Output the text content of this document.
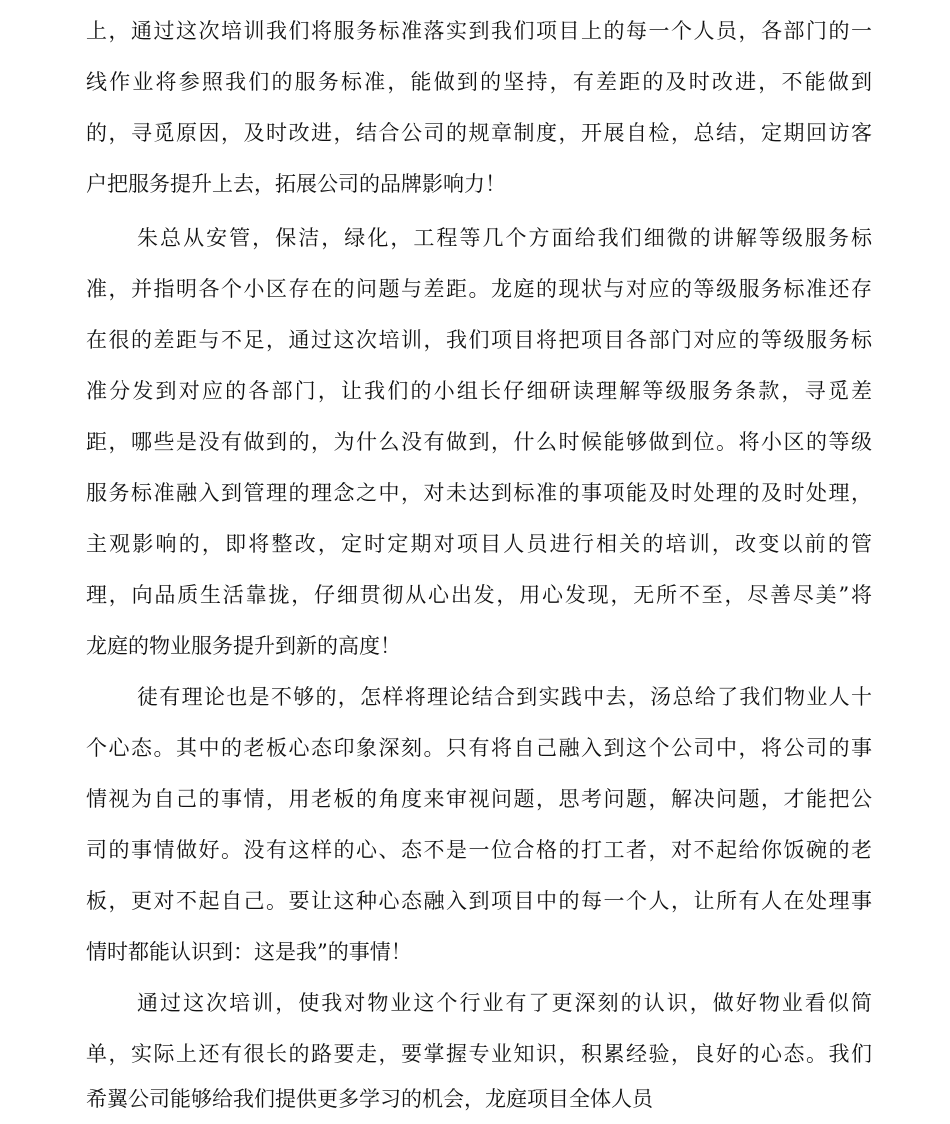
上，通过这次培训我们将服务标准落实到我们项目上的每一个人员，各部门的一
线作业将参照我们的服务标准，能做到的坚持，有差距的及时改进，不能做到
的，寻觅原因，及时改进，结合公司的规章制度，开展自检，总结，定期回访客
户把服务提升上去，拓展公司的品牌影响力！
朱总从安管，保洁，绿化，工程等几个方面给我们细微的讲解等级服务标
准，并指明各个小区存在的问题与差距。龙庭的现状与对应的等级服务标准还存
在很的差距与不足，通过这次培训，我们项目将把项目各部门对应的等级服务标
准分发到对应的各部门，让我们的小组长仔细研读理解等级服务条款，寻觅差
距，哪些是没有做到的，为什么没有做到，什么时候能够做到位。将小区的等级
服务标准融入到管理的理念之中，对未达到标准的事项能及时处理的及时处理，
主观影响的，即将整改，定时定期对项目人员进行相关的培训，改变以前的管
理，向品质生活靠拢，仔细贯彻从心出发，用心发现，无所不至，尽善尽美”将
龙庭的物业服务提升到新的高度！
徒有理论也是不够的，怎样将理论结合到实践中去，汤总给了我们物业人十
个心态。其中的老板心态印象深刻。只有将自己融入到这个公司中，将公司的事
情视为自己的事情，用老板的角度来审视问题，思考问题，解决问题，才能把公
司的事情做好。没有这样的心、态不是一位合格的打工者，对不起给你饭碗的老
板，更对不起自己。要让这种心态融入到项目中的每一个人，让所有人在处理事
情时都能认识到：这是我”的事情！
通过这次培训，使我对物业这个行业有了更深刻的认识，做好物业看似简
单，实际上还有很长的路要走，要掌握专业知识，积累经验，良好的心态。我们
希翼公司能够给我们提供更多学习的机会，龙庭项目全体人员
